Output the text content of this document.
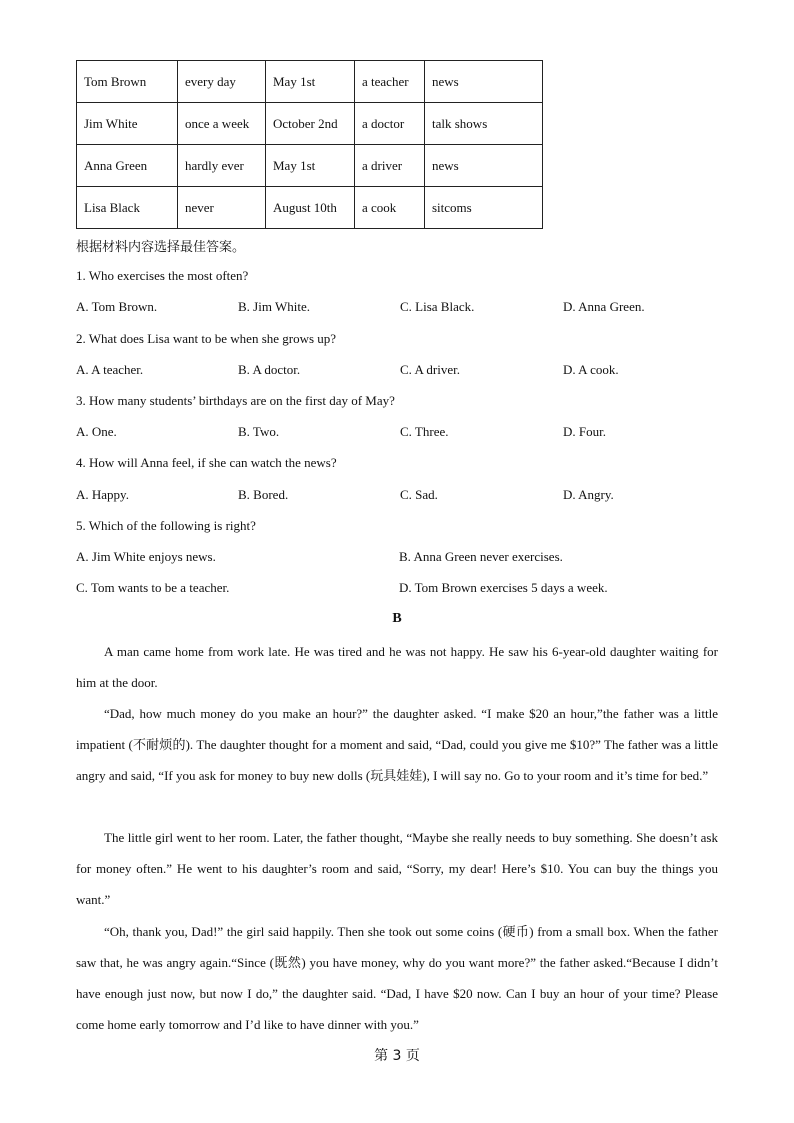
Tom Brown	every day	May 1st	a teacher	news
Jim White	once a week	October 2nd	a doctor	talk shows
Anna Green	hardly ever	May 1st	a driver	news
Lisa Black	never	August 10th	a cook	sitcoms
根据材料内容选择最佳答案。
1. Who exercises the most often?
A. Tom Brown.	B. Jim White.	C. Lisa Black.	D. Anna Green.
2. What does Lisa want to be when she grows up?
A. A teacher.	B. A doctor.	C. A driver.	D. A cook.
3. How many students’ birthdays are on the first day of May?
A. One.	B. Two.	C. Three.	D. Four.
4. How will Anna feel, if she can watch the news?
A. Happy.	B. Bored.	C. Sad.	D. Angry.
5. Which of the following is right?
A. Jim White enjoys news.	B. Anna Green never exercises.
C. Tom wants to be a teacher.	D. Tom Brown exercises 5 days a week.
B

A man came home from work late. He was tired and he was not happy. He saw his 6-year-old daughter waiting for him at the door.

“Dad, how much money do you make an hour?” the daughter asked. “I make $20 an hour,”the father was a little impatient (不耐烦的). The daughter thought for a moment and said, “Dad, could you give me $10?” The father was a little angry and said, “If you ask for money to buy new dolls (玩具娃娃), I will say no. Go to your room and it’s time for bed.”

The little girl went to her room. Later, the father thought, “Maybe she really needs to buy something. She doesn’t ask for money often.” He went to his daughter’s room and said, “Sorry, my dear! Here’s $10. You can buy the things you want.”

“Oh, thank you, Dad!” the girl said happily. Then she took out some coins (硬币) from a small box. When the father saw that, he was angry again.“Since (既然) you have money, why do you want more?” the father asked.“Because I didn’t have enough just now, but now I do,” the daughter said. “Dad, I have $20 now. Can I buy an hour of your time? Please come home early tomorrow and I’d like to have dinner with you.”

第 3 页
